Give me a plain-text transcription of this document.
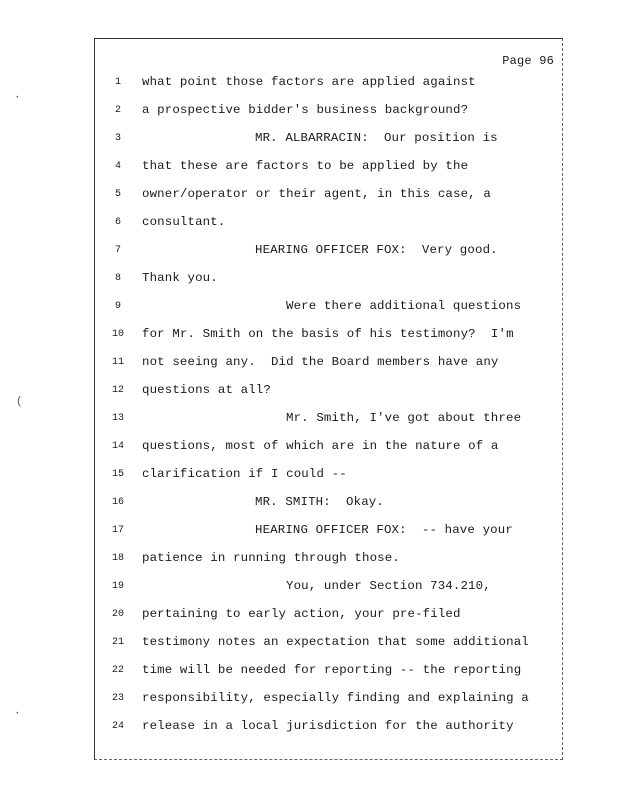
·
(
·
Page 96
1	what point those factors are applied against
2	a prospective bidder's business background?
3	MR. ALBARRACIN:  Our position is
4	that these are factors to be applied by the
5	owner/operator or their agent, in this case, a
6	consultant.
7	HEARING OFFICER FOX:  Very good.
8	Thank you.
9	Were there additional questions
10	for Mr. Smith on the basis of his testimony?  I'm
11	not seeing any.  Did the Board members have any
12	questions at all?
13	Mr. Smith, I've got about three
14	questions, most of which are in the nature of a
15	clarification if I could --
16	MR. SMITH:  Okay.
17	HEARING OFFICER FOX:  -- have your
18	patience in running through those.
19	You, under Section 734.210,
20	pertaining to early action, your pre-filed
21	testimony notes an expectation that some additional
22	time will be needed for reporting -- the reporting
23	responsibility, especially finding and explaining a
24	release in a local jurisdiction for the authority
